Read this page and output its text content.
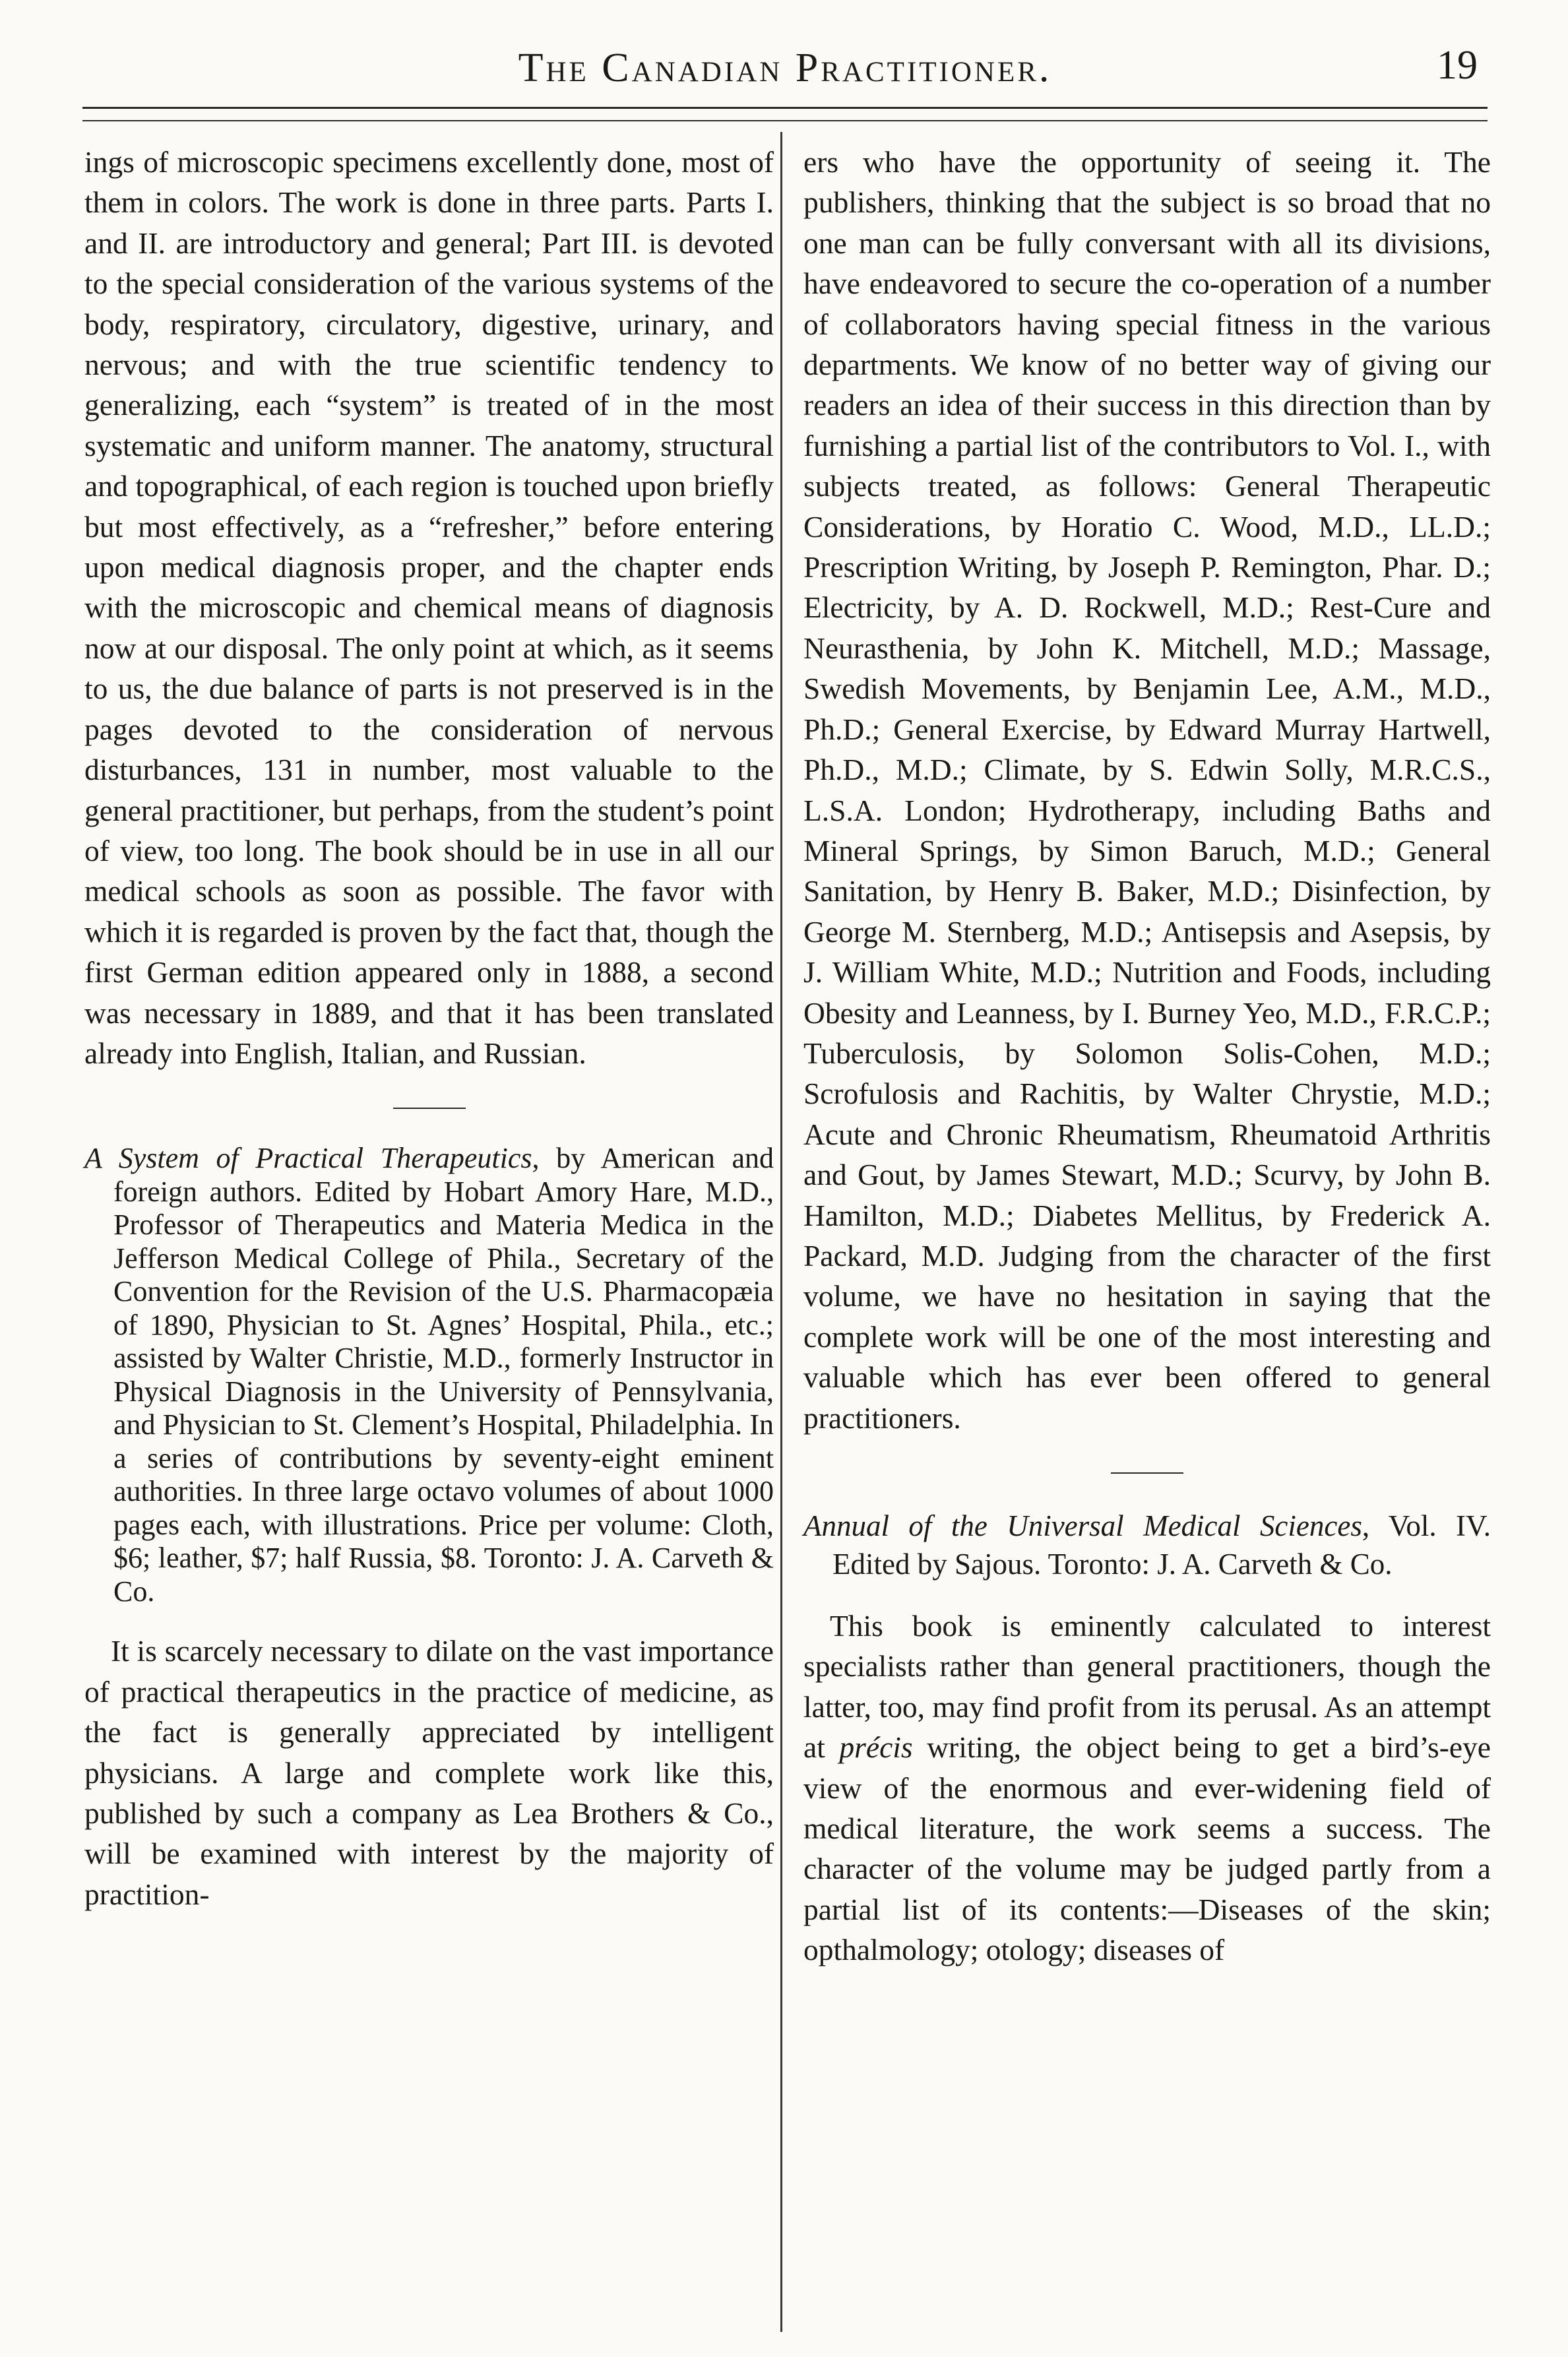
The Canadian Practitioner.	19

ings of microscopic specimens excellently done, most of them in colors. The work is done in three parts. Parts I. and II. are introductory and general; Part III. is devoted to the special consideration of the various systems of the body, respiratory, circulatory, digestive, urinary, and nervous; and with the true scientific tendency to generalizing, each “system” is treated of in the most systematic and uniform manner. The anatomy, structural and topographical, of each region is touched upon briefly but most effectively, as a “refresher,” before entering upon medical diagnosis proper, and the chapter ends with the microscopic and chemical means of diagnosis now at our disposal. The only point at which, as it seems to us, the due balance of parts is not preserved is in the pages devoted to the consideration of nervous disturbances, 131 in number, most valuable to the general practitioner, but perhaps, from the student’s point of view, too long. The book should be in use in all our medical schools as soon as possible. The favor with which it is regarded is proven by the fact that, though the first German edition appeared only in 1888, a second was necessary in 1889, and that it has been translated already into English, Italian, and Russian.

A System of Practical Therapeutics, by American and foreign authors. Edited by Hobart Amory Hare, M.D., Professor of Therapeutics and Materia Medica in the Jefferson Medical College of Phila., Secretary of the Convention for the Revision of the U.S. Pharmacopæia of 1890, Physician to St. Agnes’ Hospital, Phila., etc.; assisted by Walter Christie, M.D., formerly Instructor in Physical Diagnosis in the University of Pennsylvania, and Physician to St. Clement’s Hospital, Philadelphia. In a series of contributions by seventy-eight eminent authorities. In three large octavo volumes of about 1000 pages each, with illustrations. Price per volume: Cloth, $6; leather, $7; half Russia, $8. Toronto: J. A. Carveth & Co.

It is scarcely necessary to dilate on the vast importance of practical therapeutics in the practice of medicine, as the fact is generally appreciated by intelligent physicians. A large and complete work like this, published by such a company as Lea Brothers & Co., will be examined with interest by the majority of practition-

ers who have the opportunity of seeing it. The publishers, thinking that the subject is so broad that no one man can be fully conversant with all its divisions, have endeavored to secure the co-operation of a number of collaborators having special fitness in the various departments. We know of no better way of giving our readers an idea of their success in this direction than by furnishing a partial list of the contributors to Vol. I., with subjects treated, as follows: General Therapeutic Considerations, by Horatio C. Wood, M.D., LL.D.; Prescription Writing, by Joseph P. Remington, Phar. D.; Electricity, by A. D. Rockwell, M.D.; Rest-Cure and Neurasthenia, by John K. Mitchell, M.D.; Massage, Swedish Movements, by Benjamin Lee, A.M., M.D., Ph.D.; General Exercise, by Edward Murray Hartwell, Ph.D., M.D.; Climate, by S. Edwin Solly, M.R.C.S., L.S.A. London; Hydrotherapy, including Baths and Mineral Springs, by Simon Baruch, M.D.; General Sanitation, by Henry B. Baker, M.D.; Disinfection, by George M. Sternberg, M.D.; Antisepsis and Asepsis, by J. William White, M.D.; Nutrition and Foods, including Obesity and Leanness, by I. Burney Yeo, M.D., F.R.C.P.; Tuberculosis, by Solomon Solis-Cohen, M.D.; Scrofulosis and Rachitis, by Walter Chrystie, M.D.; Acute and Chronic Rheumatism, Rheumatoid Arthritis and Gout, by James Stewart, M.D.; Scurvy, by John B. Hamilton, M.D.; Diabetes Mellitus, by Frederick A. Packard, M.D. Judging from the character of the first volume, we have no hesitation in saying that the complete work will be one of the most interesting and valuable which has ever been offered to general practitioners.

Annual of the Universal Medical Sciences, Vol. IV. Edited by Sajous. Toronto: J. A. Carveth & Co.

This book is eminently calculated to interest specialists rather than general practitioners, though the latter, too, may find profit from its perusal. As an attempt at précis writing, the object being to get a bird’s-eye view of the enormous and ever-widening field of medical literature, the work seems a success. The character of the volume may be judged partly from a partial list of its contents:—Diseases of the skin; opthalmology; otology; diseases of
